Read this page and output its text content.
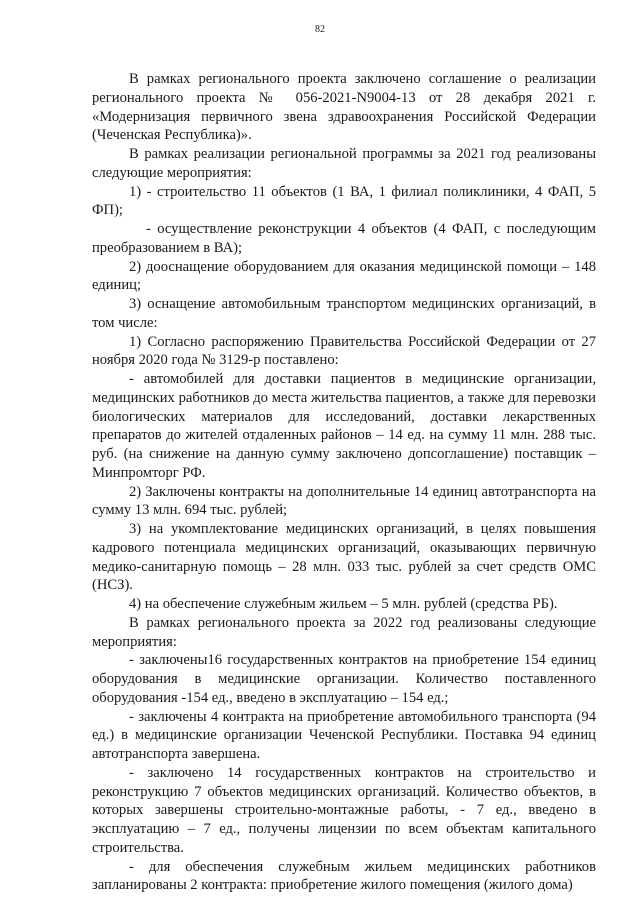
82

В рамках регионального проекта заключено соглашение о реализации регионального проекта № 056-2021-N9004-13 от 28 декабря 2021 г. «Модернизация первичного звена здравоохранения Российской Федерации (Чеченская Республика)».

В рамках реализации региональной программы за 2021 год реализованы следующие мероприятия:

1) - строительство 11 объектов (1 ВА, 1 филиал поликлиники, 4 ФАП, 5 ФП);

- осуществление реконструкции 4 объектов (4 ФАП, с последующим преобразованием в ВА);

2) дооснащение оборудованием для оказания медицинской помощи – 148 единиц;

3) оснащение автомобильным транспортом медицинских организаций, в том числе:

1) Согласно распоряжению Правительства Российской Федерации от 27 ноября 2020 года № 3129-р поставлено:

- автомобилей для доставки пациентов в медицинские организации, медицинских работников до места жительства пациентов, а также для перевозки биологических материалов для исследований, доставки лекарственных препаратов до жителей отдаленных районов – 14 ед. на сумму 11 млн. 288 тыс. руб. (на снижение на данную сумму заключено допсоглашение) поставщик – Минпромторг РФ.

2) Заключены контракты на дополнительные 14 единиц автотранспорта на сумму 13 млн. 694 тыс. рублей;

3) на укомплектование медицинских организаций, в целях повышения кадрового потенциала медицинских организаций, оказывающих первичную медико-санитарную помощь – 28 млн. 033 тыс. рублей за счет средств ОМС (НСЗ).

4) на обеспечение служебным жильем – 5 млн. рублей (средства РБ).

В рамках регионального проекта за 2022 год реализованы следующие мероприятия:

- заключены16 государственных контрактов на приобретение 154 единиц оборудования в медицинские организации. Количество поставленного оборудования -154 ед., введено в эксплуатацию – 154 ед.;

- заключены 4 контракта на приобретение автомобильного транспорта (94 ед.) в медицинские организации Чеченской Республики. Поставка 94 единиц автотранспорта завершена.

- заключено 14 государственных контрактов на строительство и реконструкцию 7 объектов медицинских организаций. Количество объектов, в которых завершены строительно-монтажные работы, - 7 ед., введено в эксплуатацию – 7 ед., получены лицензии по всем объектам капитального строительства.

- для обеспечения служебным жильем медицинских работников запланированы 2 контракта: приобретение жилого помещения (жилого дома)
